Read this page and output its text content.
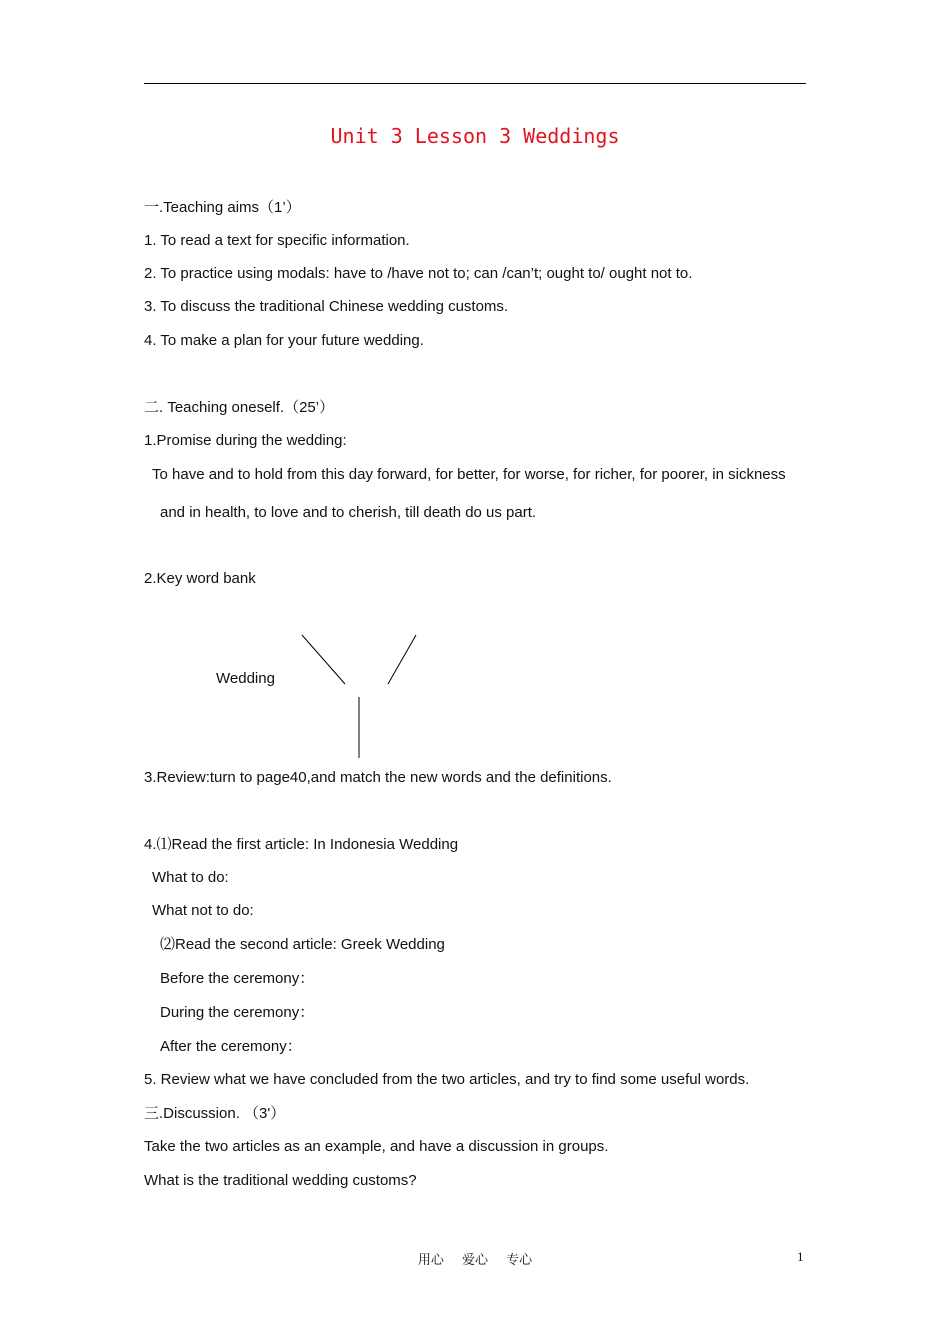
Unit 3 Lesson 3 Weddings
一.Teaching aims（1’）
1. To read a text for specific information.
2. To practice using modals: have to /have not to; can /can’t; ought to/ ought not to.
3. To discuss the traditional Chinese wedding customs.
4. To make a plan for your future wedding.
二. Teaching oneself.（25’）
1.Promise during the wedding:
To have and to hold from this day forward, for better, for worse, for richer, for poorer, in sickness
and in health, to love and to cherish, till death do us part.
2.Key word bank
Wedding
3.Review:turn to page40,and match the new words and the definitions.
4.⑴Read the first article: In Indonesia Wedding
What to do:
What not to do:
⑵Read the second article: Greek Wedding
Before the ceremony：
During the ceremony：
After the ceremony：
5. Review what we have concluded from the two articles, and try to find some useful words.
三.Discussion. （3'）
Take the two articles as an example, and have a discussion in groups.
What is the traditional wedding customs?
用心 爱心 专心	1
